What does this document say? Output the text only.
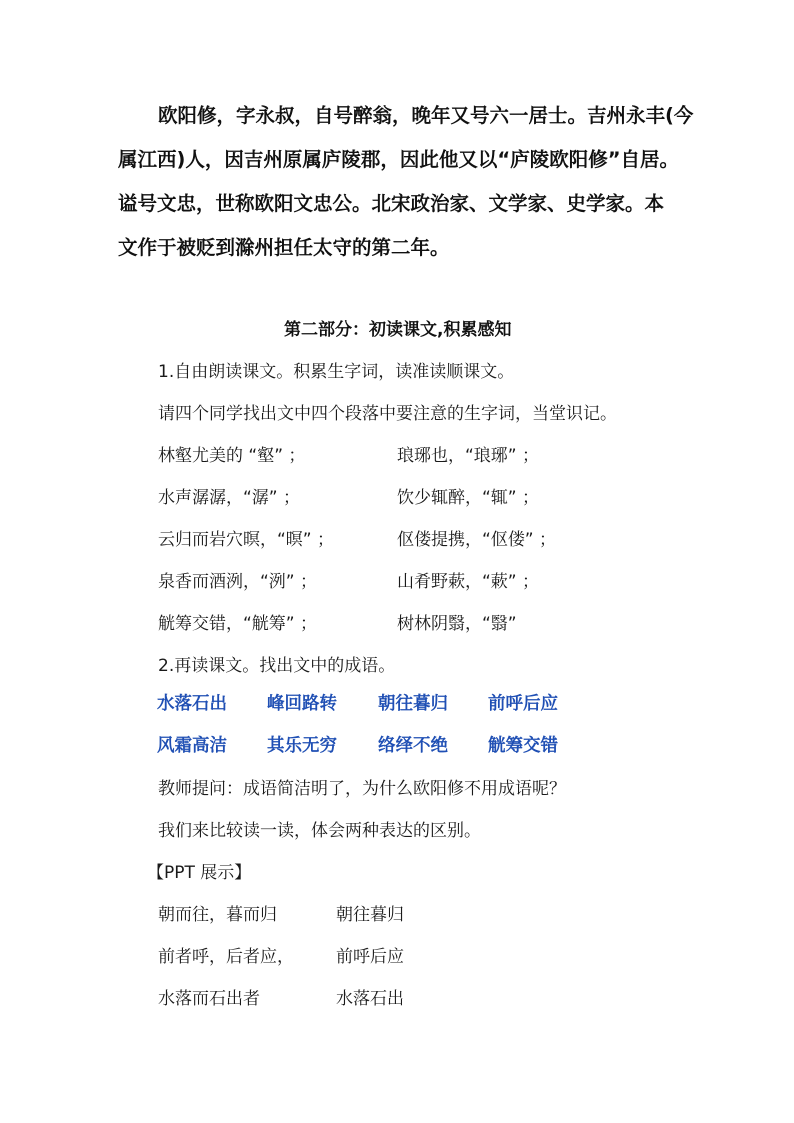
欧阳修，字永叔，自号醉翁，晚年又号六一居士。吉州永丰(今
属江西)人，因吉州原属庐陵郡，因此他又以“庐陵欧阳修”自居。
谥号文忠，世称欧阳文忠公。北宋政治家、文学家、史学家。本
文作于被贬到滁州担任太守的第二年。
第二部分：初读课文,积累感知
1.自由朗读课文。积累生字词，读准读顺课文。
请四个同学找出文中四个段落中要注意的生字词，当堂识记。
林壑尤美的 “壑” ；	琅琊也，“琅琊” ；
水声潺潺，“潺” ；	饮少辄醉，“辄” ；
云归而岩穴暝，“暝” ；	伛偻提携，“伛偻” ；
泉香而酒洌，“洌” ；	山肴野蔌，“蔌” ；
觥筹交错，“觥筹” ；	树林阴翳，“翳”
2.再读课文。找出文中的成语。
水落石出 峰回路转 朝往暮归 前呼后应
风霜高洁 其乐无穷 络绎不绝 觥筹交错
教师提问：成语简洁明了，为什么欧阳修不用成语呢？
我们来比较读一读，体会两种表达的区别。
【PPT 展示】
朝而往，暮而归	朝往暮归
前者呼，后者应， 前呼后应
水落而石出者	水落石出
